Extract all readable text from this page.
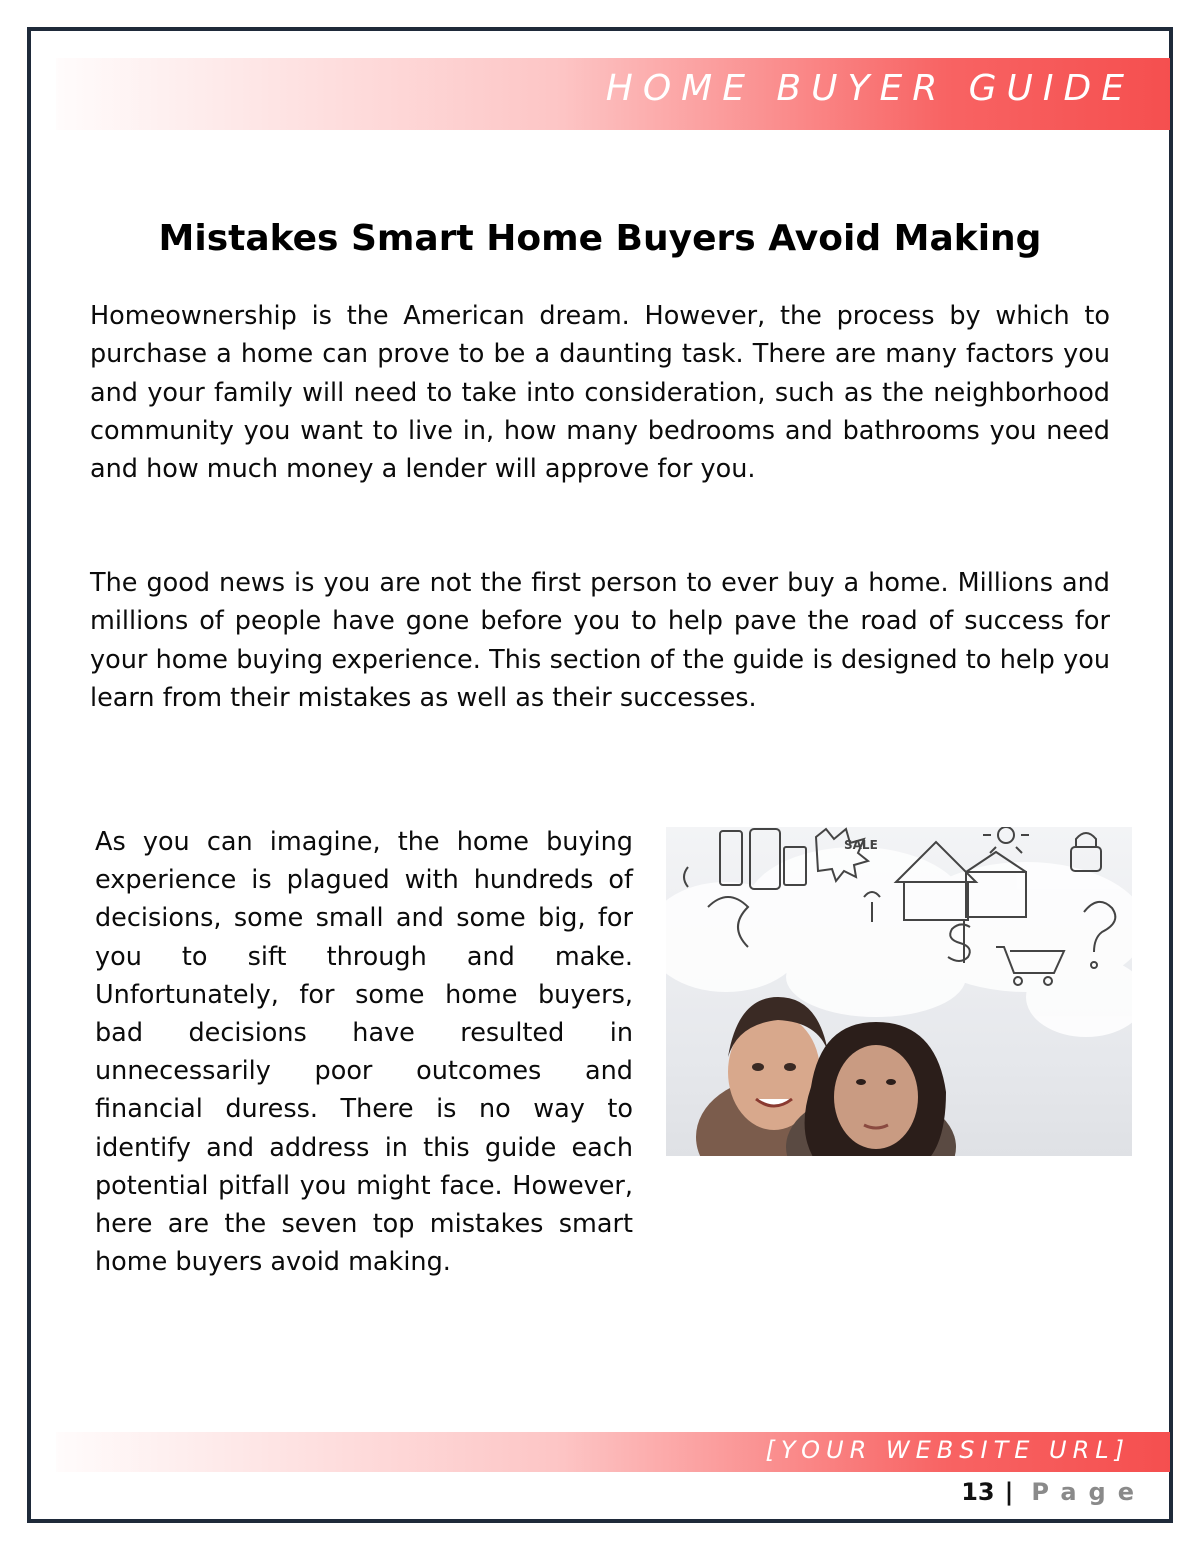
HOME BUYER GUIDE
Mistakes Smart Home Buyers Avoid Making
Homeownership is the American dream. However, the process by which to purchase a home can prove to be a daunting task. There are many factors you and your family will need to take into consideration, such as the neighborhood community you want to live in, how many bedrooms and bathrooms you need and how much money a lender will approve for you.
The good news is you are not the first person to ever buy a home. Millions and millions of people have gone before you to help pave the road of success for your home buying experience. This section of the guide is designed to help you learn from their mistakes as well as their successes.
As you can imagine, the home buying experience is plagued with hundreds of decisions, some small and some big, for you to sift through and make. Unfortunately, for some home buyers, bad decisions have resulted in unnecessarily poor outcomes and financial duress. There is no way to identify and address in this guide each potential pitfall you might face. However, here are the seven top mistakes smart home buyers avoid making.
SALE
[YOUR WEBSITE URL]
13 | Page
